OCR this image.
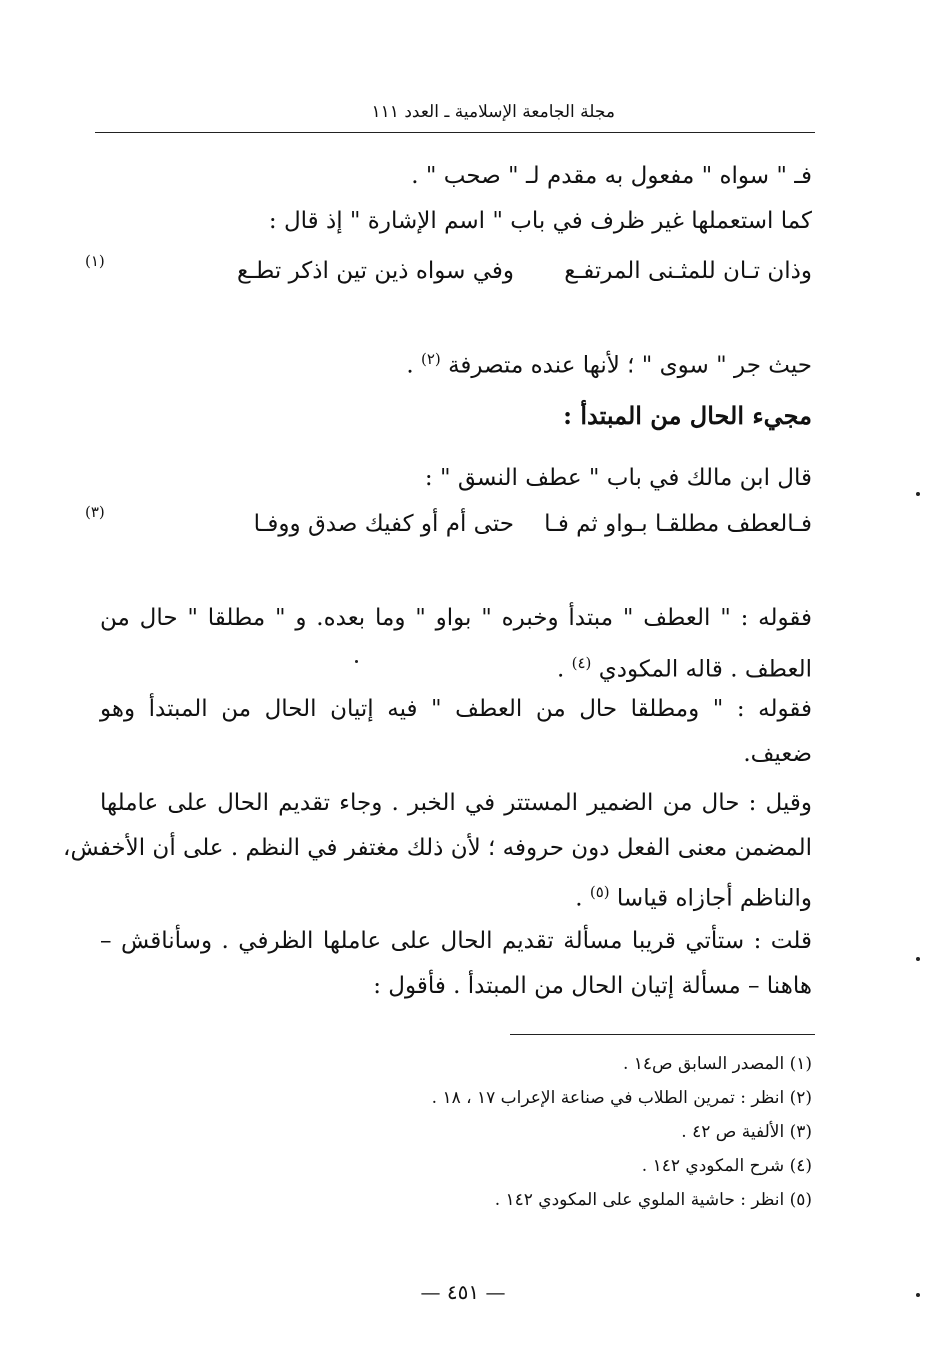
مجلة الجامعة الإسلامية ـ العدد ١١١
فـ " سواه " مفعول به مقدم لـ " صحب " .
كما استعملها غير ظرف في باب " اسم الإشارة " إذ قال :
وذان تـان للمثـنى المرتفـع
وفي سواه ذين تين اذكر تطـع
(١)
حيث جر " سوى " ؛ لأنها عنده متصرفة $^{(٢)}$ .
مجيء الحال من المبتدأ :
قال ابن مالك في باب " عطف النسق " :
فـالعطف مطلقـا بـواو ثم فـا
حتى أم أو كفيك صدق ووفـا
(٣)
فقوله : " العطف " مبتدأ وخبره " بواو " وما بعده. و " مطلقا " حال من
العطف . قاله المكودي $^{(٤)}$ .
فقوله : " ومطلقا حال من العطف " فيه إتيان الحال من المبتدأ وهو
ضعيف.
وقيل : حال من الضمير المستتر في الخبر . وجاء تقديم الحال على عاملها
المضمن معنى الفعل دون حروفه ؛ لأن ذلك مغتفر في النظم . على أن الأخفش،
والناظم أجازاه قياسا $^{(٥)}$ .
قلت : ستأتي قريبا مسألة تقديم الحال على عاملها الظرفي . وسأناقش –
هاهنا – مسألة إتيان الحال من المبتدأ . فأقول :
(١) المصدر السابق ص١٤ .
(٢) انظر : تمرين الطلاب في صناعة الإعراب ١٧ ، ١٨ .
(٣) الألفية ص ٤٢ .
(٤) شرح المكودي ١٤٢ .
(٥) انظر : حاشية الملوي على المكودي ١٤٢ .
— ٤٥١ —
